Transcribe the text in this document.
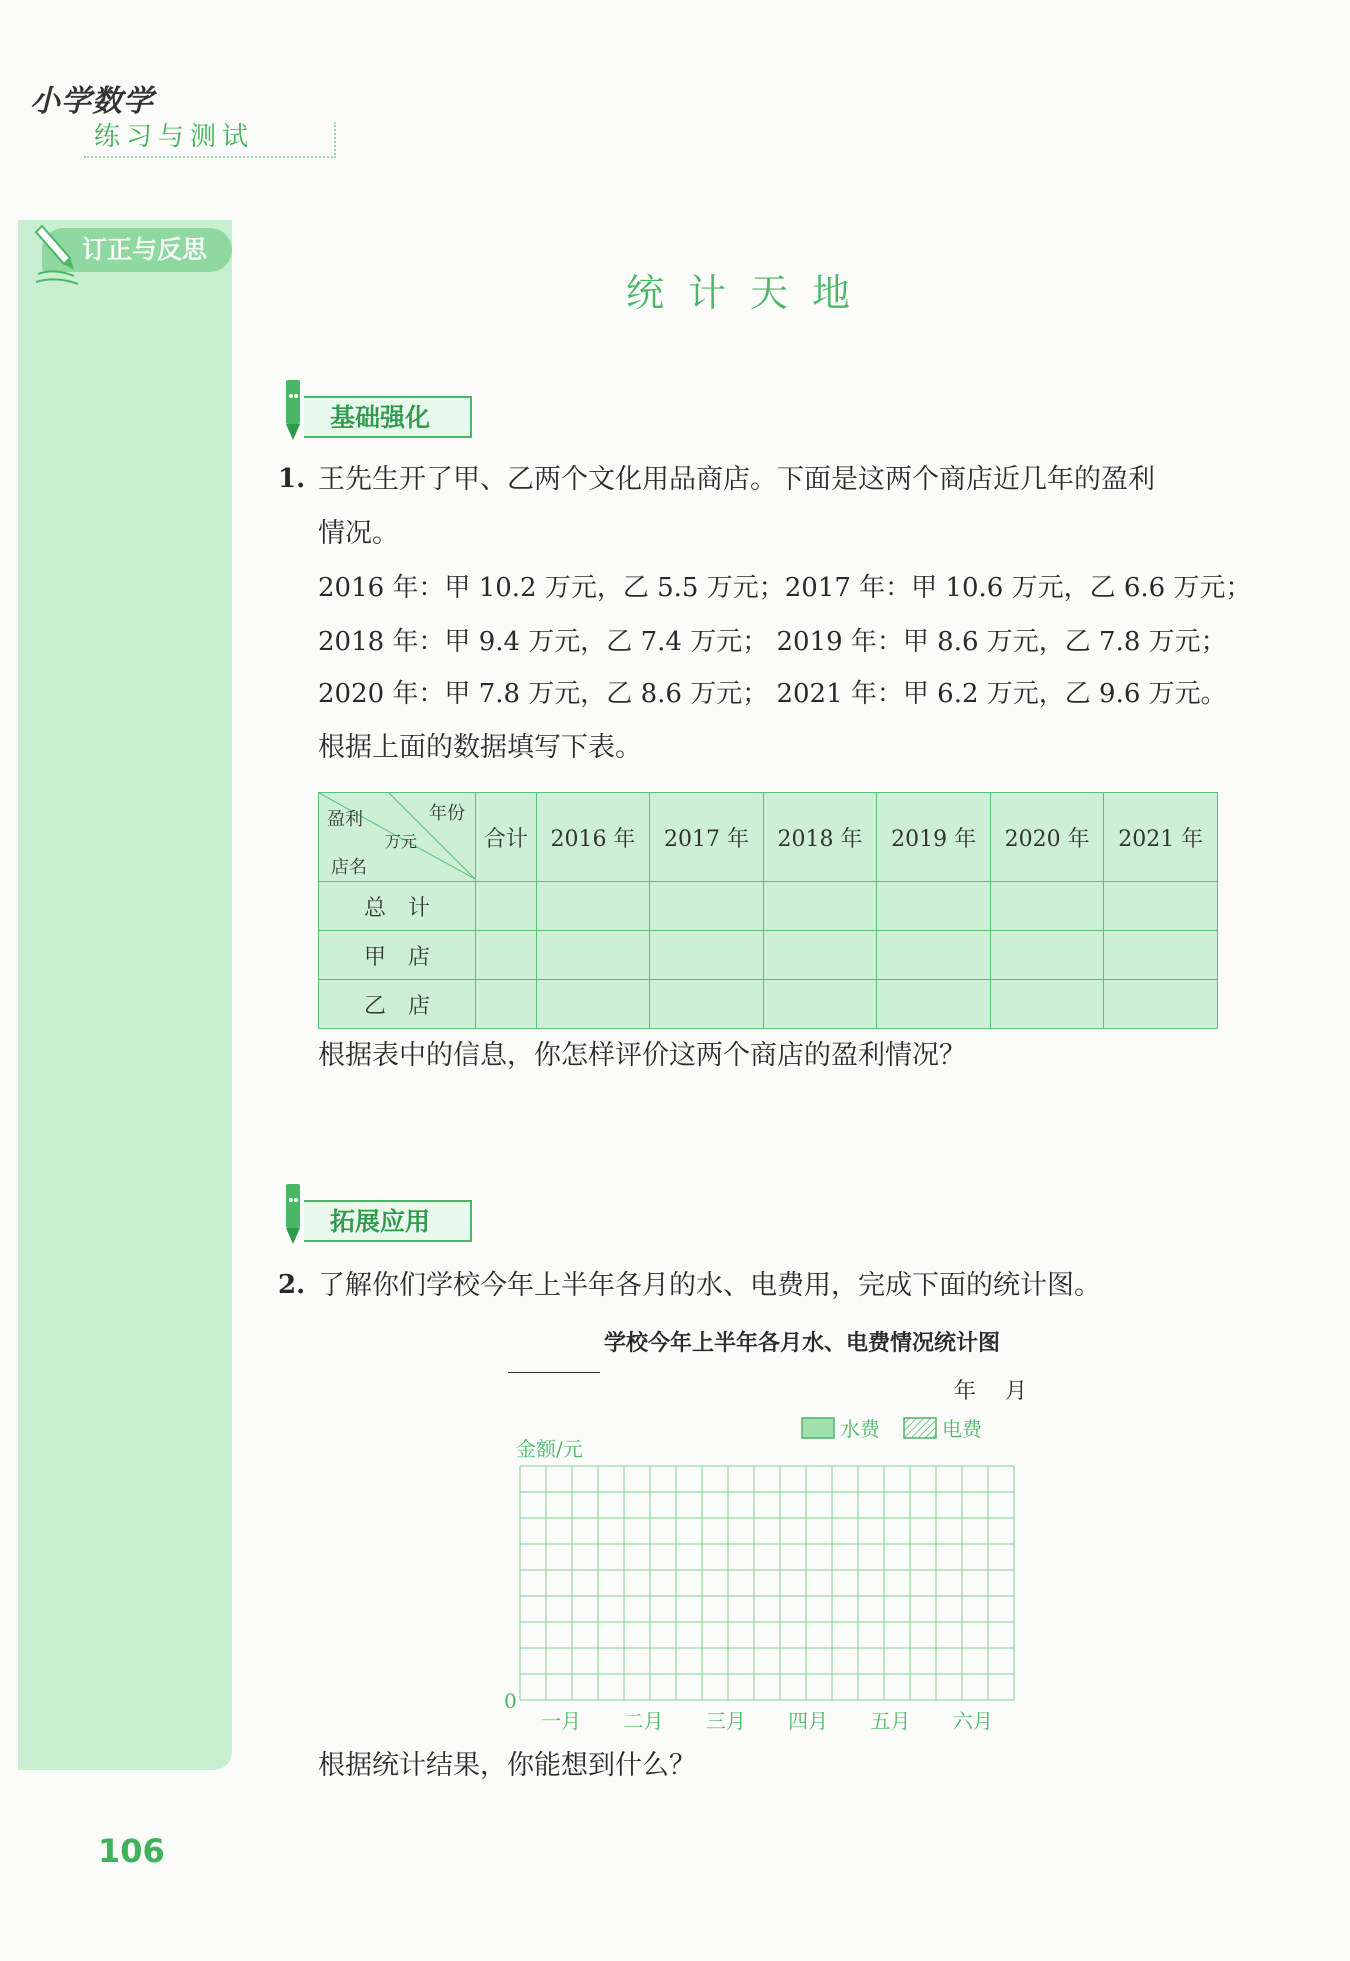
小学数学
练习与测试
订正与反思
统计天地
基础强化
1. 王先生开了甲、乙两个文化用品商店。下面是这两个商店近几年的盈利
情况。
2016 年：甲 10.2 万元，乙 5.5 万元；2017 年：甲 10.6 万元，乙 6.6 万元；
2018 年：甲 9.4 万元，乙 7.4 万元； 2019 年：甲 8.6 万元，乙 7.8 万元；
2020 年：甲 7.8 万元，乙 8.6 万元； 2021 年：甲 6.2 万元，乙 9.6 万元。
根据上面的数据填写下表。
年份
盈利
万元
店名	合计	2016 年	2017 年	2018 年	2019 年	2020 年	2021 年
总　计							
甲　店							
乙　店							
根据表中的信息，你怎样评价这两个商店的盈利情况？
拓展应用
2. 了解你们学校今年上半年各月的水、电费用，完成下面的统计图。
学校今年上半年各月水、电费情况统计图
年　 月
水费	电费
金额/元
0
一月 二月 三月 四月 五月 六月
根据统计结果，你能想到什么？
106
